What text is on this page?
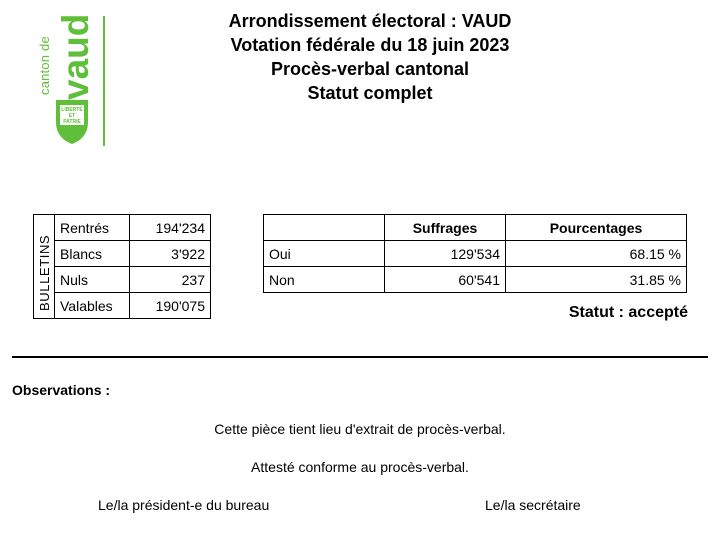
canton de vaud
LIBERTÉ
ET
PATRIE
Arrondissement électoral : VAUD
Votation fédérale du 18 juin 2023
Procès-verbal cantonal
Statut complet
BULLETINS	Rentrés	194'234
	Blancs	3'922
	Nuls	237
	Valables	190'075
	Suffrages	Pourcentages
Oui	129'534	68.15 %
Non	60'541	31.85 %
Statut : accepté
Observations :
Cette pièce tient lieu d'extrait de procès-verbal.
Attesté conforme au procès-verbal.
Le/la président-e du bureau	Le/la secrétaire
